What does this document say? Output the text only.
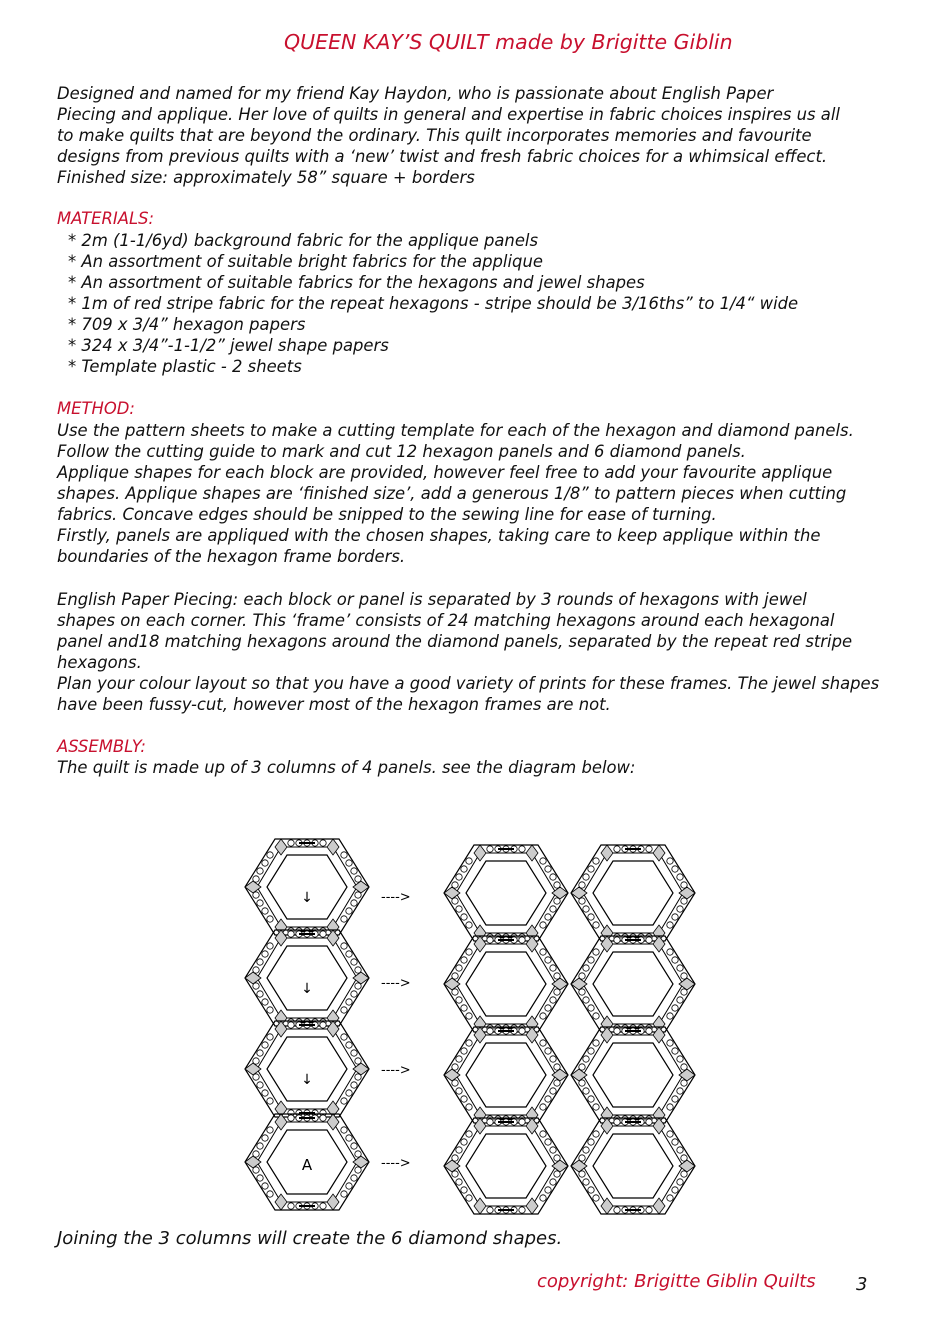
QUEEN KAY’S QUILT made by Brigitte Giblin
Designed and named for my friend Kay Haydon, who is passionate about English Paper
Piecing and applique. Her love of quilts in general and expertise in fabric choices inspires us all
to make quilts that are beyond the ordinary. This quilt incorporates memories and favourite
designs from previous quilts with a ‘new’ twist and fresh fabric choices for a whimsical effect.
Finished size: approximately 58” square + borders
MATERIALS:
* 2m (1-1/6yd) background fabric for the applique panels
* An assortment of suitable bright fabrics for the applique
* An assortment of suitable fabrics for the hexagons and jewel shapes
* 1m of red stripe fabric for the repeat hexagons - stripe should be 3/16ths” to 1/4“ wide
* 709 x 3/4” hexagon papers
* 324 x 3/4”-1-1/2” jewel shape papers
* Template plastic - 2 sheets
METHOD:
Use the pattern sheets to make a cutting template for each of the hexagon and diamond panels.
Follow the cutting guide to mark and cut 12 hexagon panels and 6 diamond panels.
Applique shapes for each block are provided, however feel free to add your favourite applique
shapes. Applique shapes are ‘finished size’, add a generous 1/8” to pattern pieces when cutting
fabrics. Concave edges should be snipped to the sewing line for ease of turning.
Firstly, panels are appliqued with the chosen shapes, taking care to keep applique within the
boundaries of the hexagon frame borders.
English Paper Piecing: each block or panel is separated by 3 rounds of hexagons with jewel
shapes on each corner. This ‘frame’ consists of 24 matching hexagons around each hexagonal
panel and18 matching hexagons around the diamond panels, separated by the repeat red stripe
hexagons.
Plan your colour layout so that you have a good variety of prints for these frames. The jewel shapes
have been fussy-cut, however most of the hexagon frames are not.
ASSEMBLY:
The quilt is made up of 3 columns of 4 panels. see the diagram below:
↓
↓
↓
A
---->
---->
---->
---->
Joining the 3 columns will create the 6 diamond shapes.
copyright: Brigitte Giblin Quilts 3
